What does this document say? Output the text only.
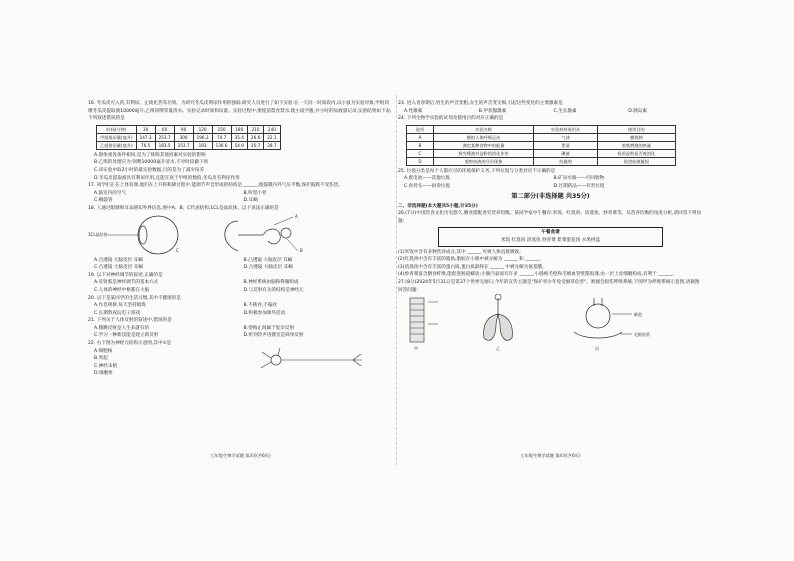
16. 冬瓜皮可入药,有利尿、止痰化热等功效。为研究冬瓜皮利尿作用的强弱,研究人员进行了如下实验:在一天同一时间段内,以小鼠为实验对象,甲组饲喂冬瓜皮提取液10000毫升,乙组饲喂等量清水。实验记录时间和尿量。实验过程中,要提前禁食禁水,使小鼠空腹,并小时的尿液量记录,实验结果如下表,下列叙述错误的是

时间(分钟)	30	60	90	120	150	180	210	240
甲组排尿量(毫升)	147.3	253.7	300	196.3	74.7	35.4	26.6	22.1
乙组排尿量(毫升)	76.5	183.5	253.7	193	136.6	54.9	35.7	28.7

A.甜体重各条件相同,是为了排除其他因素对实验的影响

B.乙组的处理应为:饲喂10000毫升清水,不对时段做干预

C.该实验中取2小时的最实验数据,目的是为了减少误差

D.冬瓜皮提取液具有利尿作用,且能在高于甲组的数值,冬瓜皮有利尿作用

17. 同学们正在上体育课,他们在上升和和降过程中,能调节声音形成的结构是 ______,使鼓膜内外气压平衡,保护鼓膜不受伤害。

A.鼓室内的空气	B.听觉小骨
C.咽鼓管	D.耳蜗

18. 人通过眼睛和耳朵感知外界信息,图中A、B、C代表结构,1CL是晶状体。以下说法正确的是

1CL晶状体
A
B
C
A.凸透镜 大脑皮层 耳蜗	B.凸透镜 大脑皮层 耳蜗
C.凸透镜 大脑皮层 耳蜗	D.凸透镜 大脑皮层 耳蜗

19. 以下对神经调节的叙述,正确的是

A.反射弧是神经调节的基本方式	B.神经系统由脑和脊髓组成
C.人体的神经中枢都在大脑	D.与反射有关的结构是神经元

20. 以下是某同学的生活习惯,其中不健康的是

A.作息规律,每天坚持锻炼	B.不挑食,不偏食
C.长期熬夜玩电子游戏	D.积极参加课外活动

21. 下列关于人体反射的叙述中,错误的是

A.膝跳反射是人生来就有的	B.望梅止渴属于复杂反射
C.学习一种新技能是建立新反射	D.听到铃声进教室是简单反射

22. 右下图为神经元结构示意图,其中①是

A.细胞核

B.突起

C.神经末梢

D.细胞体

七年级生物学试题 第3页(共6页)

23. 进入青春期后,男生的声音变粗,女生的声音变尖细,引起这些变化的主要激素是

A.性激素	B.甲状腺激素	C.生长激素	D.胰岛素

24. 下列生物学实验的试剂及使用目的对应正确的是

选项	实验名称	实验材料或用具	使用目的
A	模拟人体呼吸运动	气球	模拟肺
B	测定某种食物中的能量	蛋清	收集燃烧的热量
C	探究唾液对淀粉的消化作用	碘液	检验淀粉是否被消化
D	观察血液的分层现象	抗凝剂	促进血液凝固

25. 垃圾分类是每个人都应尽的环境保护义务,下列垃圾与分类对应不正确的是

A.废电池——其他垃圾	B.矿泉水瓶——可回收物
C.鱼骨头——厨余垃圾	D.过期药品——有害垃圾
第二部分(非选择题 共35分)

二、非选择题(本大题共5小题,计35分)

26.(7分)中国饮食文化历史悠久,膳食搭配讲究营养均衡。某同学家中午餐有:米饭、红烧肉、清蒸鱼、炒青菜等。从营养均衡的角度分析,请回答下列问题:

午餐食谱
米饭 红烧肉 清蒸鱼 炒青菜 紫菜蛋花汤 水果拼盘

(1)米饭中含有多种营养成分,其中 ______ 可被人体直接吸收。

(2)红烧肉中含有丰富的脂肪,脂肪在小肠中被分解为 ______ 和 ______。

(3)清蒸鱼中含有丰富的蛋白质,蛋白质最终在 ______ 中被分解为氨基酸。

(4)炒青菜富含膳食纤维,能促进肠道蠕动;小肠内表面有许多 ______,小肠绒毛壁和毛细血管壁都很薄,由一层上皮细胞构成,有利于 ______。

27.(8分)2024年5月31日是第37个世界无烟日,今年的宣传主题是"保护青少年免受烟草危害"。吸烟会损伤呼吸系统,下图甲为呼吸系统示意图,请据图回答问题:

甲	乙	丙
肺泡
毛细血管
七年级生物学试题 第4页(共6页)
